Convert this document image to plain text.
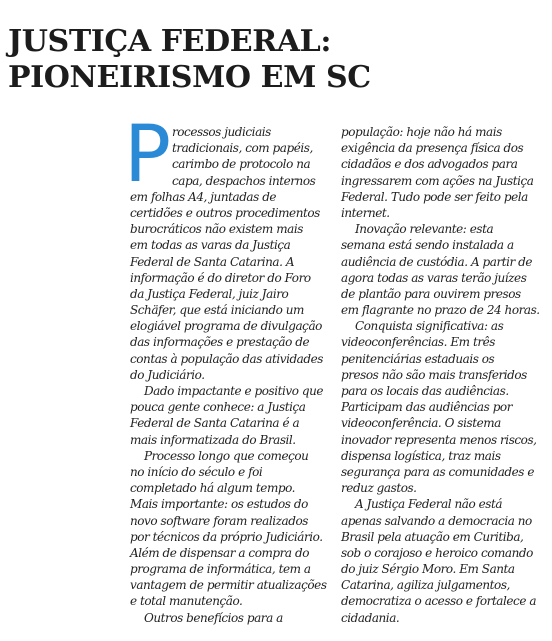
JUSTIÇA FEDERAL:
PIONEIRISMO EM SC
P rocessos judiciais
tradicionais, com papéis,
carimbo de protocolo na
capa, despachos internos
em folhas A4, juntadas de
certidões e outros procedimentos
burocráticos não existem mais
em todas as varas da Justiça
Federal de Santa Catarina. A
informação é do diretor do Foro
da Justiça Federal, juiz Jairo
Schäfer, que está iniciando um
elogiável programa de divulgação
das informações e prestação de
contas à população das atividades
do Judiciário.
Dado impactante e positivo que
pouca gente conhece: a Justiça
Federal de Santa Catarina é a
mais informatizada do Brasil.
Processo longo que começou
no início do século e foi
completado há algum tempo.
Mais importante: os estudos do
novo software foram realizados
por técnicos da próprio Judiciário.
Além de dispensar a compra do
programa de informática, tem a
vantagem de permitir atualizações
e total manutenção.
Outros benefícios para a
população: hoje não há mais
exigência da presença física dos
cidadãos e dos advogados para
ingressarem com ações na Justiça
Federal. Tudo pode ser feito pela
internet.
Inovação relevante: esta
semana está sendo instalada a
audiência de custódia. A partir de
agora todas as varas terão juízes
de plantão para ouvirem presos
em flagrante no prazo de 24 horas.
Conquista significativa: as
videoconferências. Em três
penitenciárias estaduais os
presos não são mais transferidos
para os locais das audiências.
Participam das audiências por
videoconferência. O sistema
inovador representa menos riscos,
dispensa logística, traz mais
segurança para as comunidades e
reduz gastos.
A Justiça Federal não está
apenas salvando a democracia no
Brasil pela atuação em Curitiba,
sob o corajoso e heroico comando
do juiz Sérgio Moro. Em Santa
Catarina, agiliza julgamentos,
democratiza o acesso e fortalece a
cidadania.
